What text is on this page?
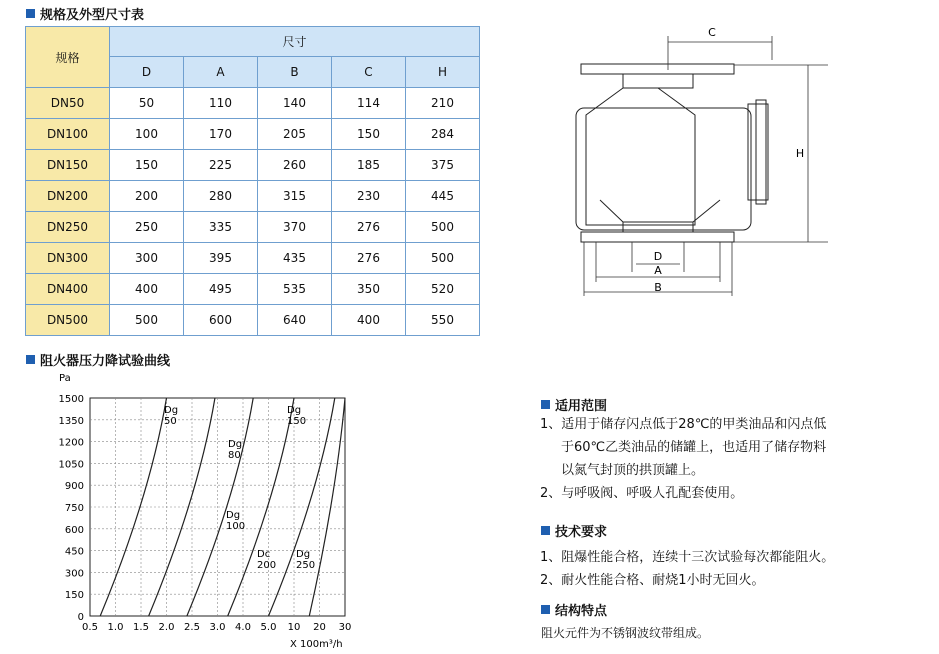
规格及外型尺寸表
规格	尺寸				
	D	A	B	C	H
DN50	50	110	140	114	210
DN100	100	170	205	150	284
DN150	150	225	260	185	375
DN200	200	280	315	230	445
DN250	250	335	370	276	500
DN300	300	395	435	276	500
DN400	400	495	535	350	520
DN500	500	600	640	400	550
C
H
D
A
B
阻火器压力降试验曲线
Pa
X 100m³/h
1500
1350
1200
1050
900
750
600
450
300
150
0
0.5 1.0 1.5 2.0 2.5 3.0 4.0 5.0 10 20 30
Dg
50
Dg
80
Dg
100
Dg
150
Dc
200
Dg
250
适用范围
1、适用于储存闪点低于28℃的甲类油品和闪点低
于60℃乙类油品的储罐上，也适用了储存物料
以氮气封顶的拱顶罐上。
2、与呼吸阀、呼吸人孔配套使用。
技术要求
1、阻爆性能合格，连续十三次试验每次都能阻火。
2、耐火性能合格、耐烧1小时无回火。
结构特点
阻火元件为不锈钢波纹带组成。
